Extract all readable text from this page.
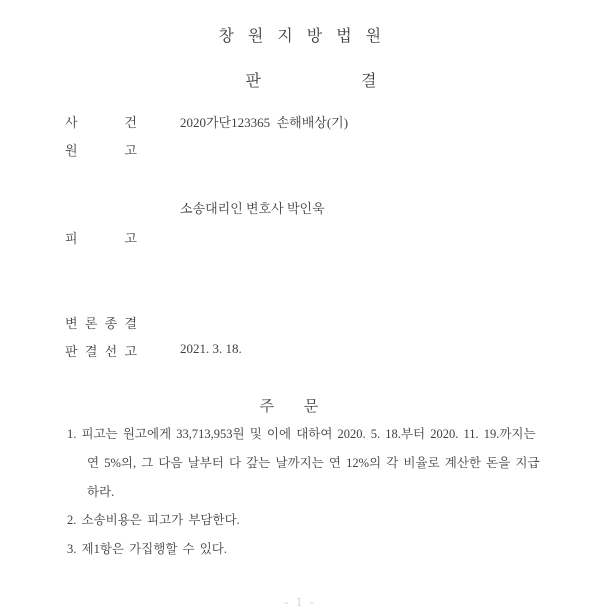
창 원 지 방 법 원
판 결
사 건	2020가단123365  손해배상(기)
원 고
소송대리인 변호사 박인욱
피 고
변 론 종 결
판 결 선 고	2021. 3. 18.
주 문
1. 피고는 원고에게 33,713,953원 및 이에 대하여 2020. 5. 18.부터 2020. 11. 19.까지는
연 5%의, 그 다음 날부터 다 갚는 날까지는 연 12%의 각 비율로 계산한 돈을 지급
하라.
2. 소송비용은 피고가 부담한다.
3. 제1항은 가집행할 수 있다.
- 1 -
